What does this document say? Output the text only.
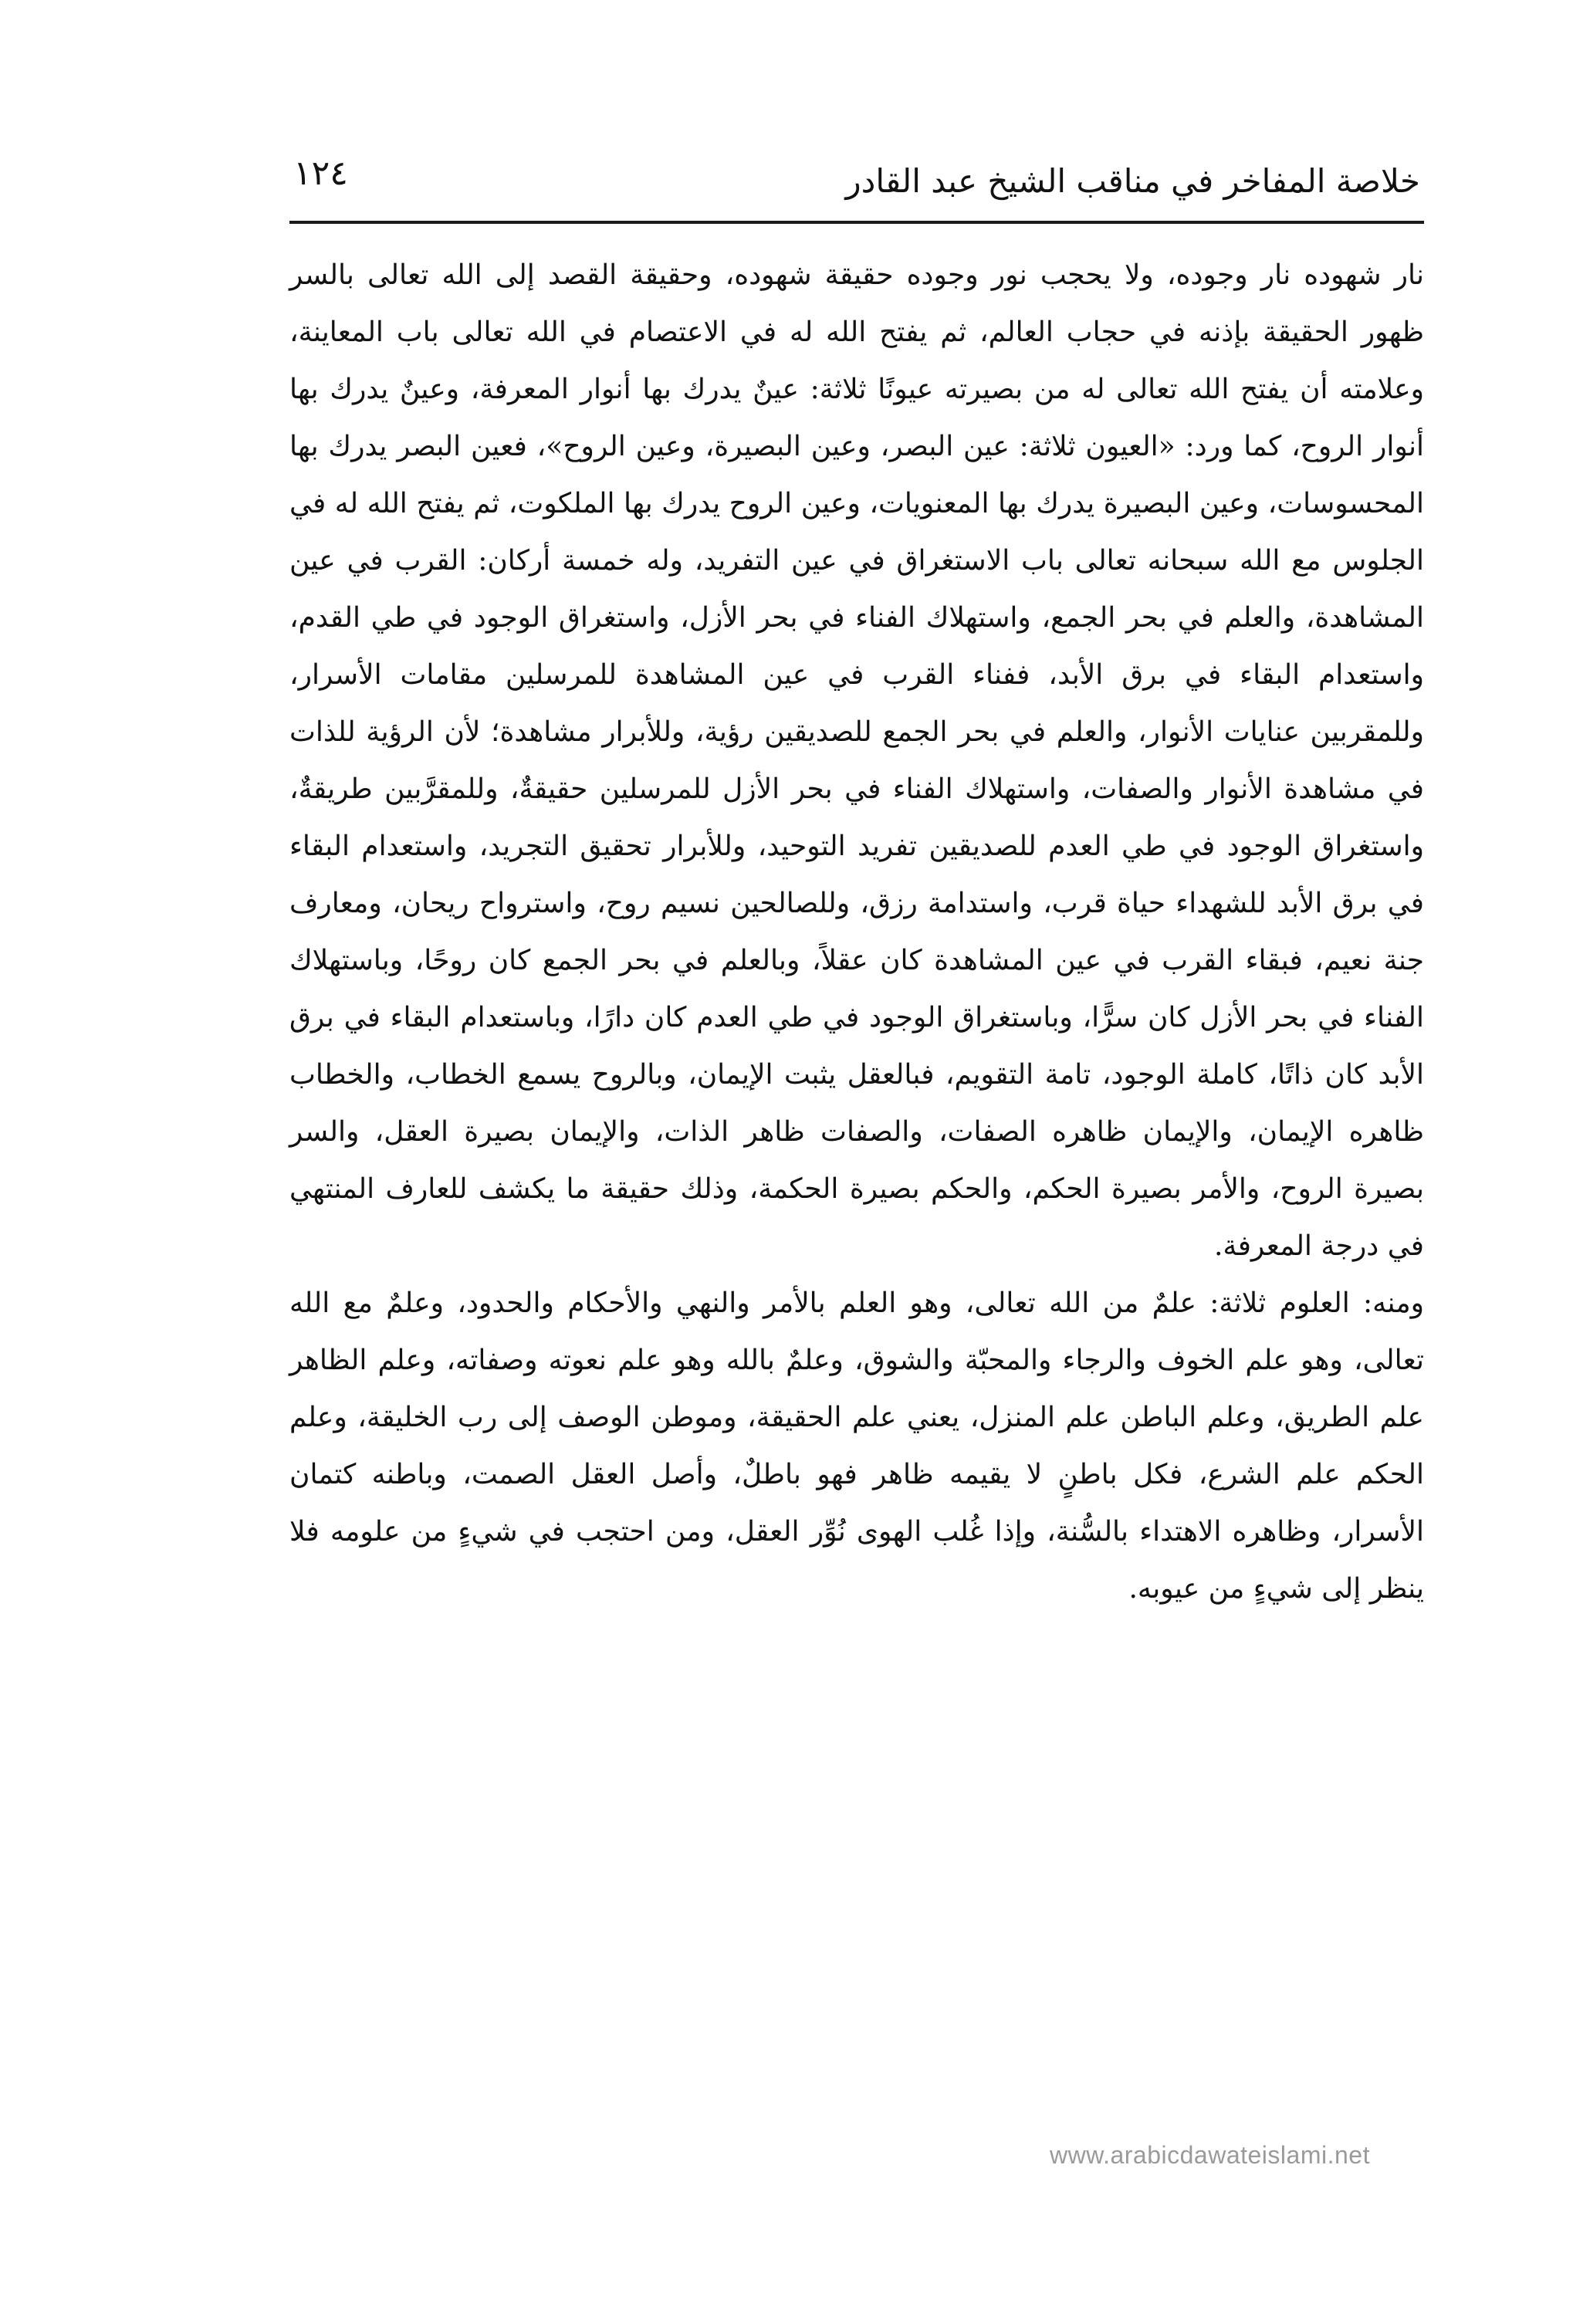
خلاصة المفاخر في مناقب الشيخ عبد القادر
١٢٤

نار شهوده نار وجوده، ولا يحجب نور وجوده حقيقة شهوده، وحقيقة القصد إلى الله تعالى بالسر ظهور الحقيقة بإذنه في حجاب العالم، ثم يفتح الله له في الاعتصام في الله تعالى باب المعاينة، وعلامته أن يفتح الله تعالى له من بصيرته عيونًا ثلاثة: عينٌ يدرك بها أنوار المعرفة، وعينٌ يدرك بها أنوار الروح، كما ورد: «العيون ثلاثة: عين البصر، وعين البصيرة، وعين الروح»، فعين البصر يدرك بها المحسوسات، وعين البصيرة يدرك بها المعنويات، وعين الروح يدرك بها الملكوت، ثم يفتح الله له في الجلوس مع الله سبحانه تعالى باب الاستغراق في عين التفريد، وله خمسة أركان: القرب في عين المشاهدة، والعلم في بحر الجمع، واستهلاك الفناء في بحر الأزل، واستغراق الوجود في طي القدم، واستعدام البقاء في برق الأبد، ففناء القرب في عين المشاهدة للمرسلين مقامات الأسرار، وللمقربين عنايات الأنوار، والعلم في بحر الجمع للصديقين رؤية، وللأبرار مشاهدة؛ لأن الرؤية للذات في مشاهدة الأنوار والصفات، واستهلاك الفناء في بحر الأزل للمرسلين حقيقةٌ، وللمقرَّبين طريقةٌ، واستغراق الوجود في طي العدم للصديقين تفريد التوحيد، وللأبرار تحقيق التجريد، واستعدام البقاء في برق الأبد للشهداء حياة قرب، واستدامة رزق، وللصالحين نسيم روح، واسترواح ريحان، ومعارف جنة نعيم، فبقاء القرب في عين المشاهدة كان عقلاً، وبالعلم في بحر الجمع كان روحًا، وباستهلاك الفناء في بحر الأزل كان سرًّا، وباستغراق الوجود في طي العدم كان دارًا، وباستعدام البقاء في برق الأبد كان ذاتًا، كاملة الوجود، تامة التقويم، فبالعقل يثبت الإيمان، وبالروح يسمع الخطاب، والخطاب ظاهره الإيمان، والإيمان ظاهره الصفات، والصفات ظاهر الذات، والإيمان بصيرة العقل، والسر بصيرة الروح، والأمر بصيرة الحكم، والحكم بصيرة الحكمة، وذلك حقيقة ما يكشف للعارف المنتهي في درجة المعرفة.

ومنه: العلوم ثلاثة: علمٌ من الله تعالى، وهو العلم بالأمر والنهي والأحكام والحدود، وعلمٌ مع الله تعالى، وهو علم الخوف والرجاء والمحبّة والشوق، وعلمٌ بالله وهو علم نعوته وصفاته، وعلم الظاهر علم الطريق، وعلم الباطن علم المنزل، يعني علم الحقيقة، وموطن الوصف إلى رب الخليقة، وعلم الحكم علم الشرع، فكل باطنٍ لا يقيمه ظاهر فهو باطلٌ، وأصل العقل الصمت، وباطنه كتمان الأسرار، وظاهره الاهتداء بالسُّنة، وإذا غُلب الهوى نُوِّر العقل، ومن احتجب في شيءٍ من علومه فلا ينظر إلى شيءٍ من عيوبه.

www.arabicdawateislami.net
